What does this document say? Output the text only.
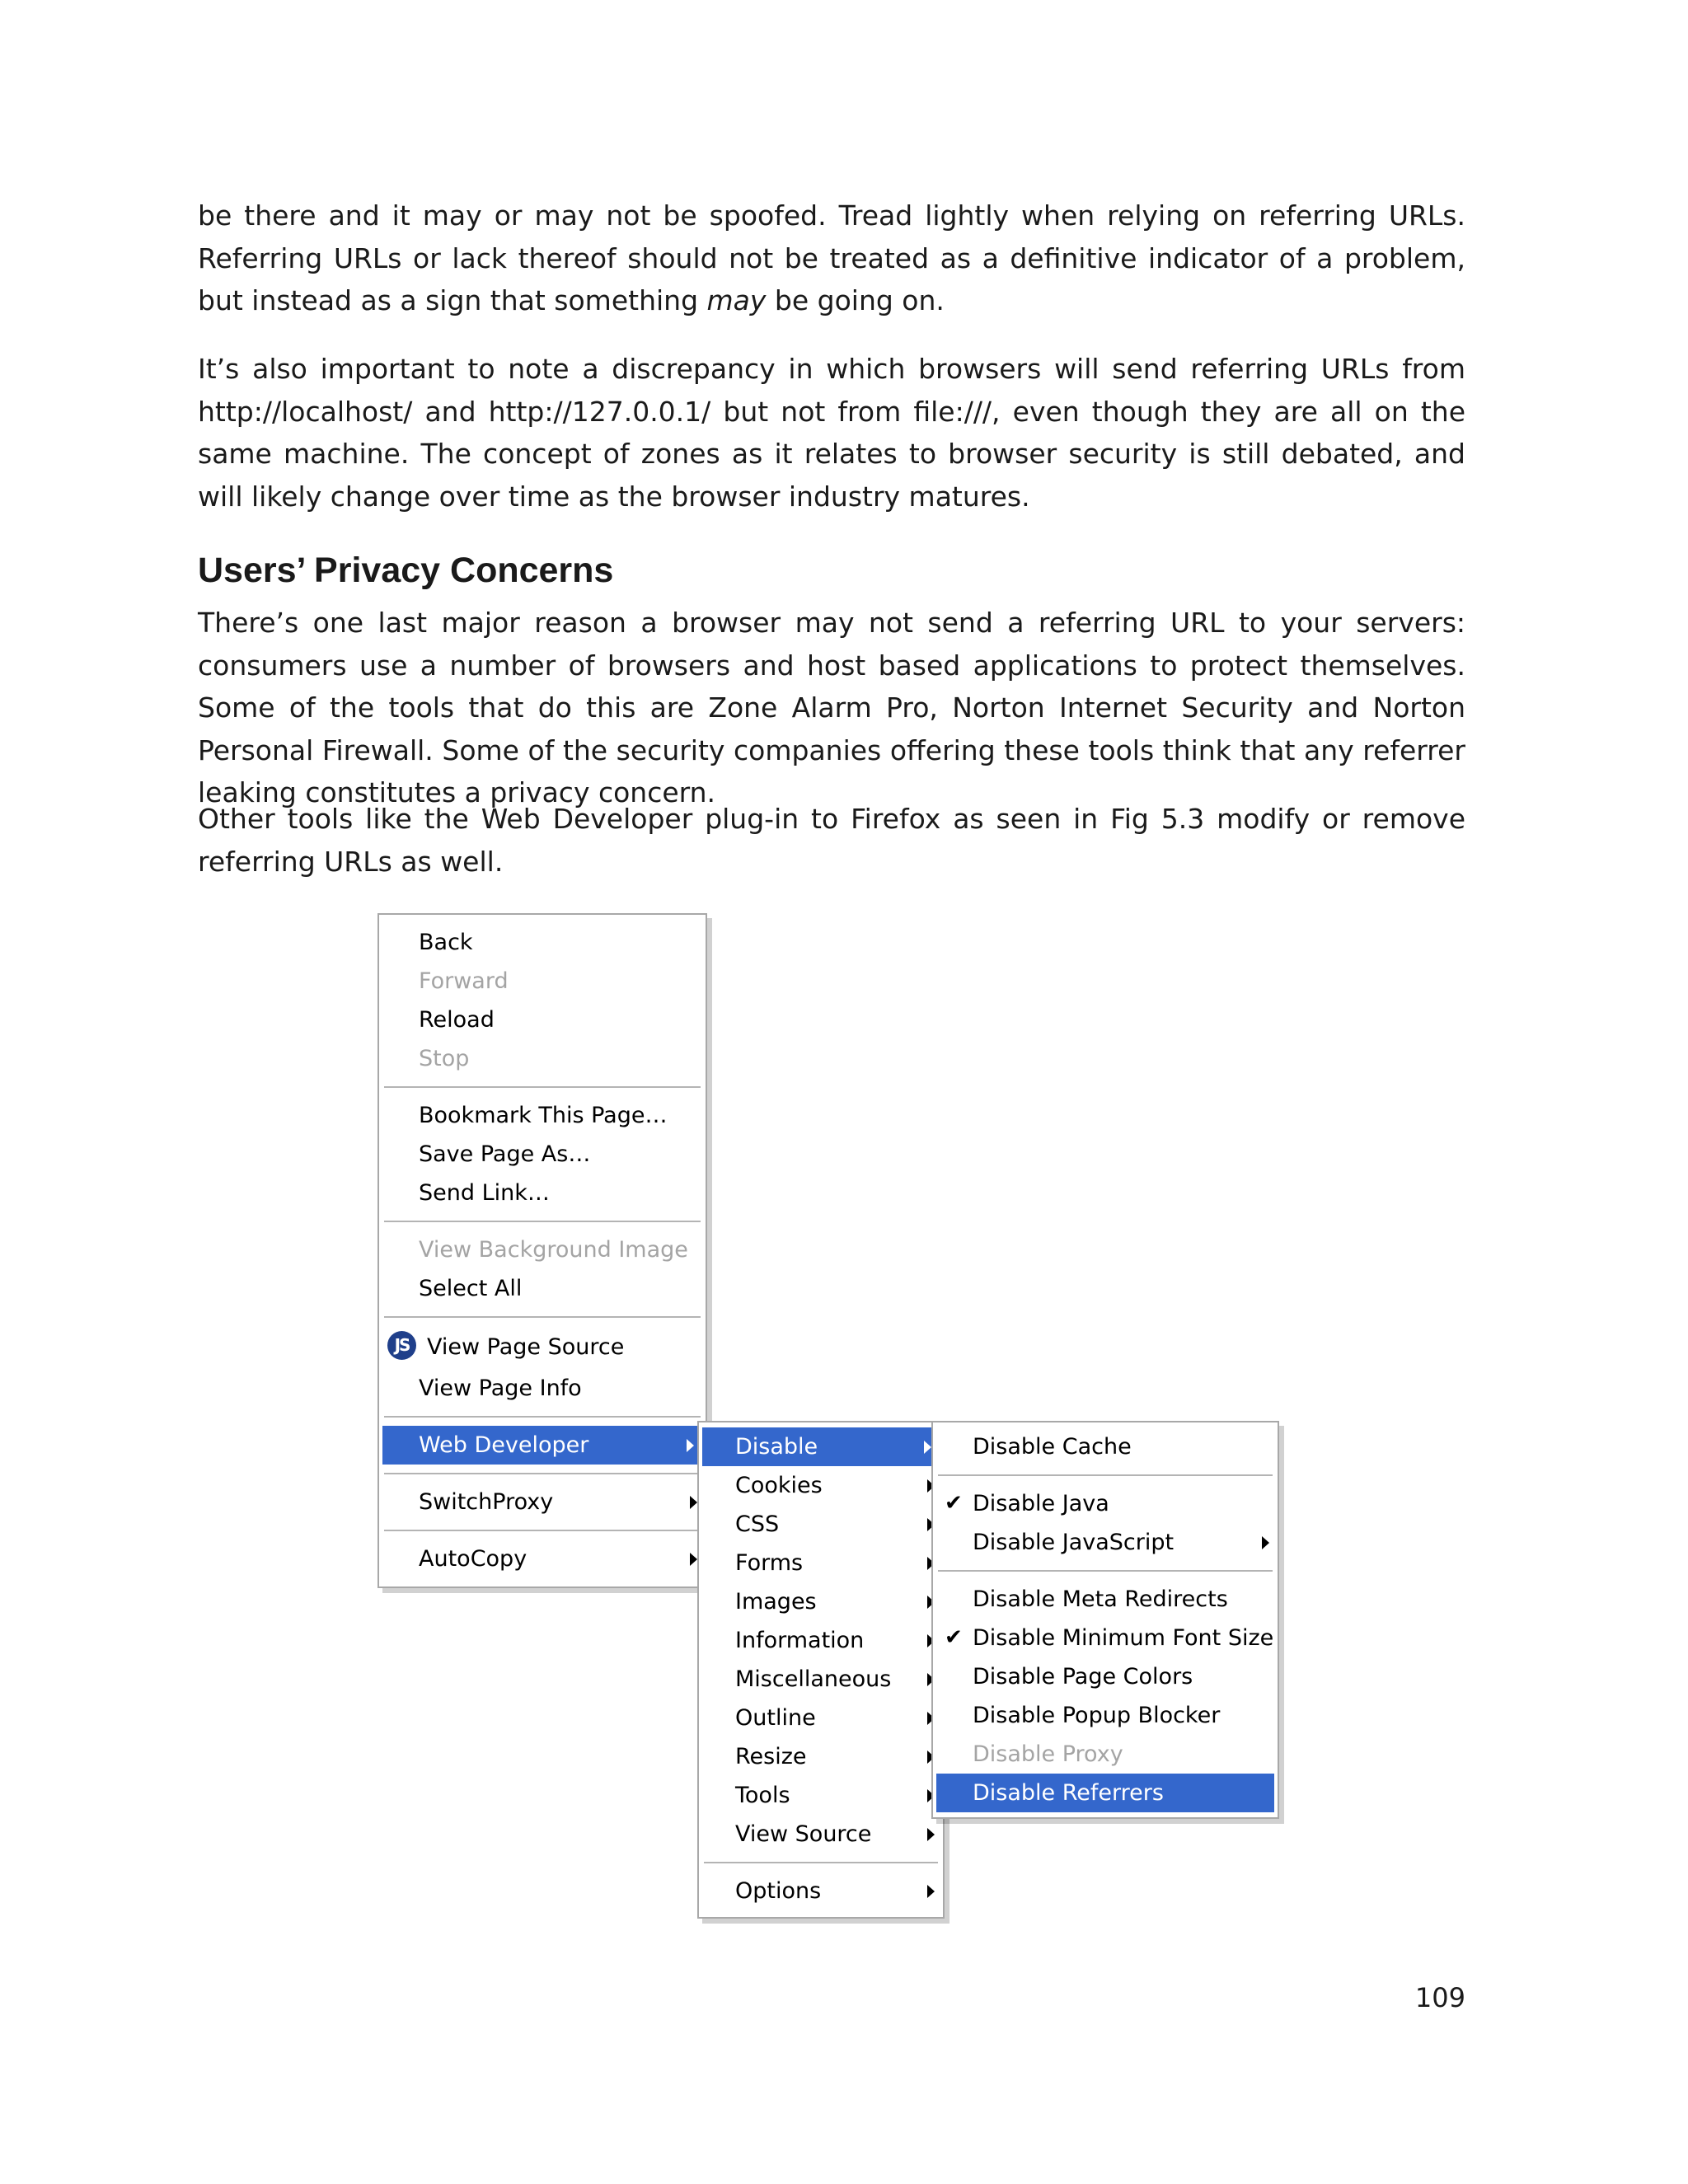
be there and it may or may not be spoofed. Tread lightly when relying on referring URLs. Referring URLs or lack thereof should not be treated as a definitive indicator of a problem, but instead as a sign that something may be going on.

It’s also important to note a discrepancy in which browsers will send referring URLs from http://localhost/ and http://127.0.0.1/ but not from file:///, even though they are all on the same machine. The concept of zones as it relates to browser security is still debated, and will likely change over time as the browser industry matures.

Users’ Privacy Concerns

There’s one last major reason a browser may not send a referring URL to your servers: consumers use a number of browsers and host based applications to protect themselves. Some of the tools that do this are Zone Alarm Pro, Norton Internet Security and Norton Personal Firewall. Some of the security companies offering these tools think that any referrer leaking constitutes a privacy concern.

Other tools like the Web Developer plug-in to Firefox as seen in Fig 5.3 modify or remove referring URLs as well.

Back
Forward
Reload
Stop
Bookmark This Page…
Save Page As…
Send Link…
View Background Image
Select All
JS View Page Source
View Page Info
Web Developer
SwitchProxy
AutoCopy
Disable
Cookies
CSS
Forms
Images
Information
Miscellaneous
Outline
Resize
Tools
View Source
Options
Disable Cache
✔ Disable Java
Disable JavaScript
Disable Meta Redirects
✔ Disable Minimum Font Size
Disable Page Colors
Disable Popup Blocker
Disable Proxy
Disable Referrers
109
